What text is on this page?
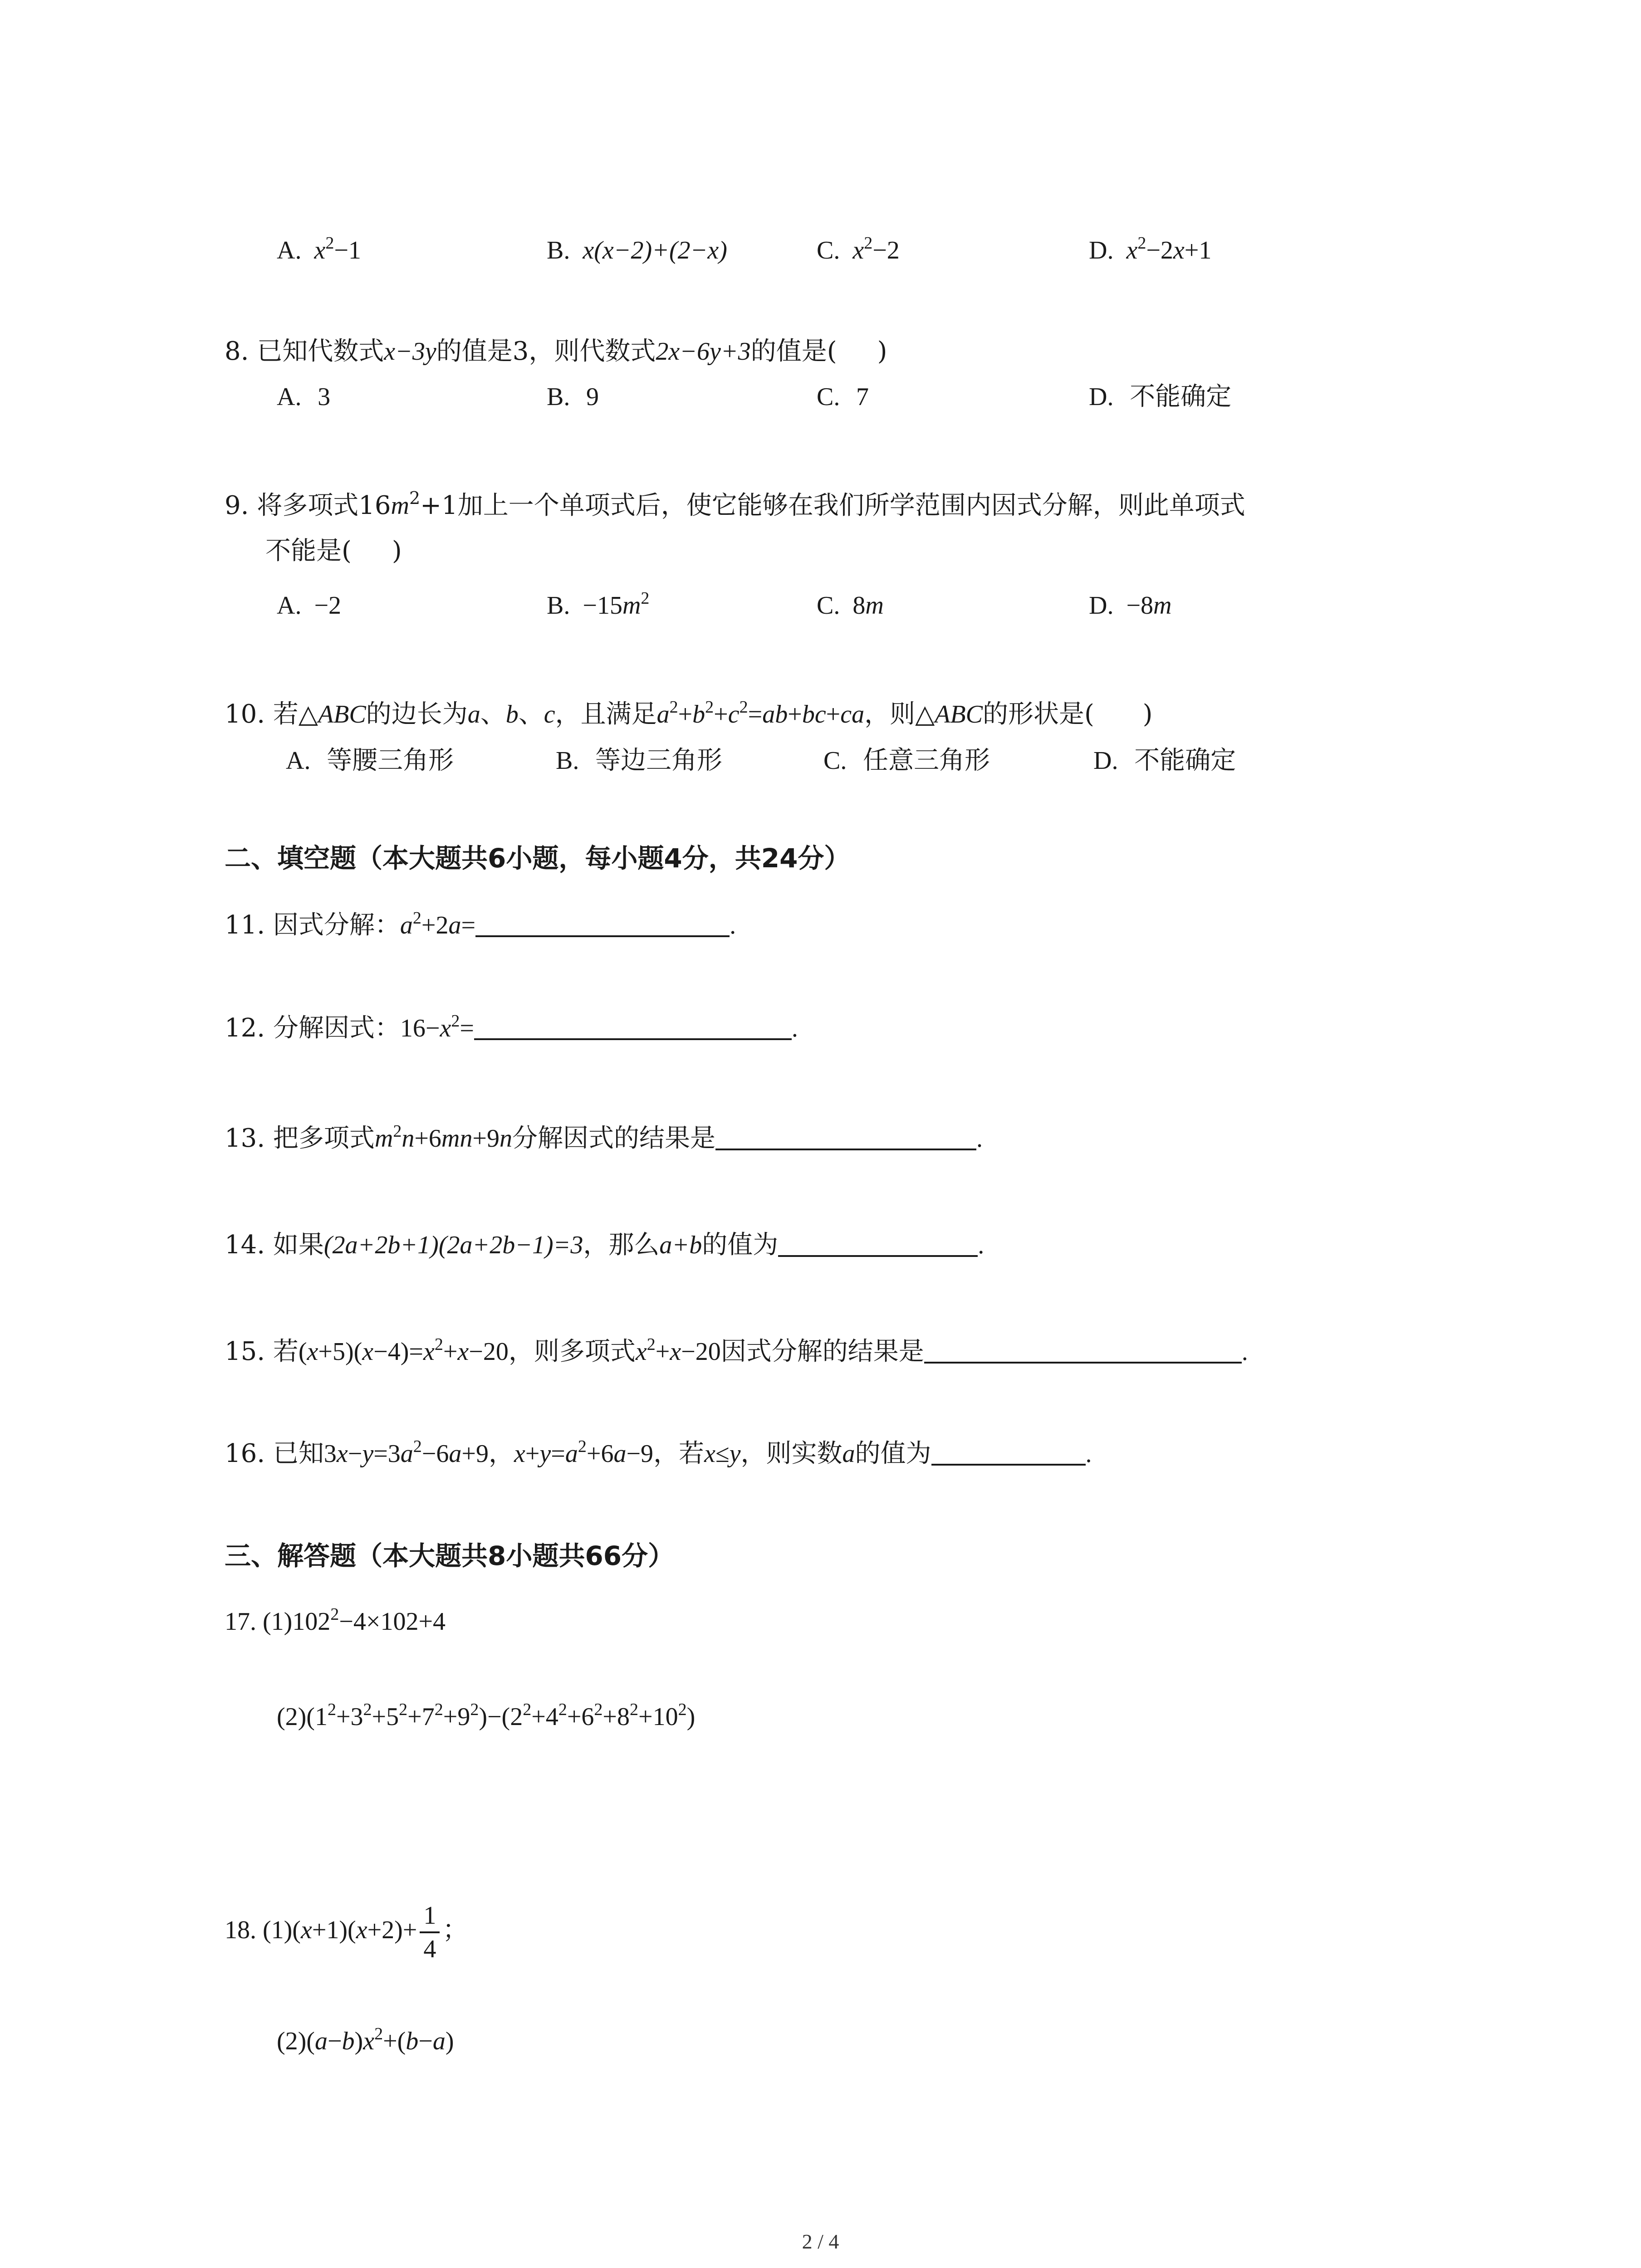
A. $x^2-1$	B. x(x−2)+(2−x)	C. $x^2-2$	D. $x^2-2x+1$
8. 已知代数式x−3y的值是3，则代数式2x−6y+3的值是( )
A. 3	B. 9	C. 7	D. 不能确定
9. 将多项式$16m^2+1$加上一个单项式后，使它能够在我们所学范围内因式分解，则此单项式
不能是( )
A. −2	B.  $-15m^2$	C.  8m	D.  −8m
10. 若△ABC的边长为a、b、c，且满足$a^2+b^2+c^2=ab+bc+ca$，则△ABC的形状是( )
A. 等腰三角形	B. 等边三角形	C. 任意三角形	D. 不能确定
二、填空题（本大题共6小题，每小题4分，共24分）
11. 因式分解：$a^2+2a=$	.
12. 分解因式：$16-x^2=$	.
13. 把多项式$m^2n+6mn+9n$分解因式的结果是	.
14. 如果(2a+2b+1)(2a+2b−1)=3，那么a+b的值为	.
15. 若$(x+5)(x-4)=x^2+x-20$，则多项式$x^2+x-20$因式分解的结果是	.
16. 已知$3x-y=3a^2-6a+9$，$x+y=a^2+6a-9$，若x≤y，则实数a的值为	.
三、解答题（本大题共8小题共66分）
17. $(1)102^2-4\times 102+4$
$(2)(1^2+3^2+5^2+7^2+9^2)-(2^2+4^2+6^2+8^2+10^2)$
18. $(1)(x+1)(x+2)+ \frac{1}{4}$ ；
$(2)(a-b)x^2+(b-a)$
2 / 4
